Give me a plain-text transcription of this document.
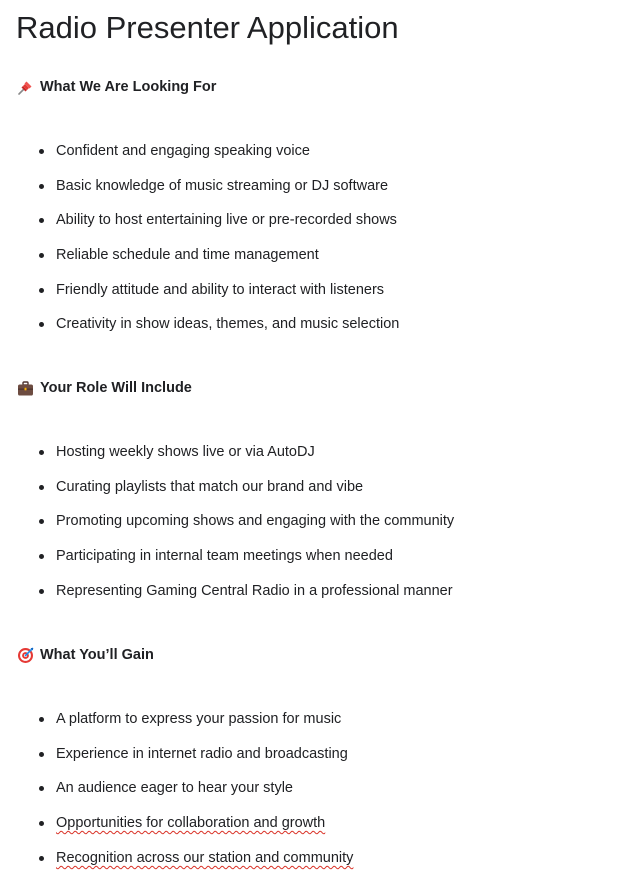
Radio Presenter Application
What We Are Looking For
Confident and engaging speaking voice
Basic knowledge of music streaming or DJ software
Ability to host entertaining live or pre-recorded shows
Reliable schedule and time management
Friendly attitude and ability to interact with listeners
Creativity in show ideas, themes, and music selection
Your Role Will Include
Hosting weekly shows live or via AutoDJ
Curating playlists that match our brand and vibe
Promoting upcoming shows and engaging with the community
Participating in internal team meetings when needed
Representing Gaming Central Radio in a professional manner
What You’ll Gain
A platform to express your passion for music
Experience in internet radio and broadcasting
An audience eager to hear your style
Opportunities for collaboration and growth
Recognition across our station and community
